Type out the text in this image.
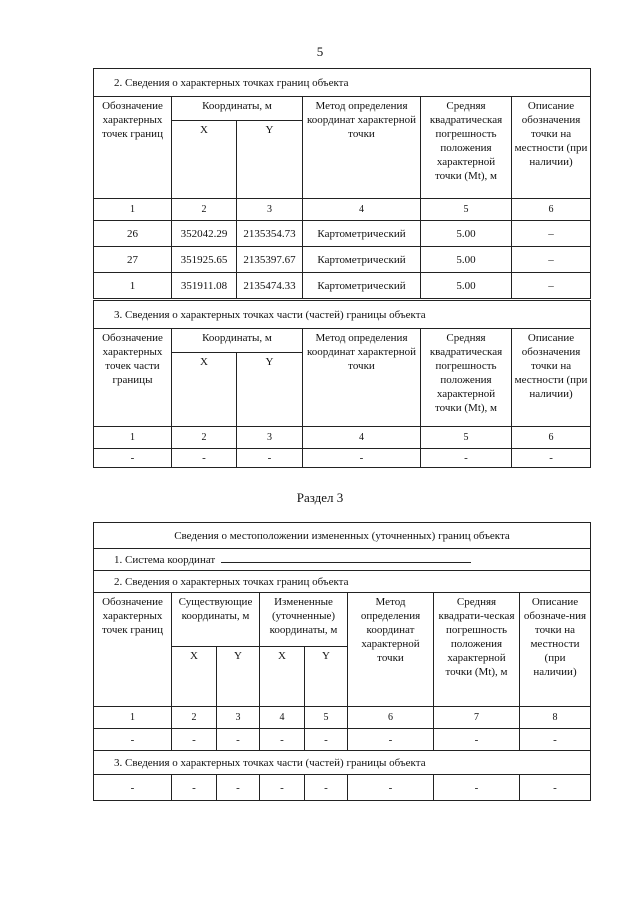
5
2. Сведения о характерных точках границ объекта					
Обозначение характерных точек границ	Координаты, м		Метод определения координат характерной точки	Средняя квадратическая погрешность положения характерной точки (Mt), м	Описание обозначения точки на местности (при наличии)
	X	Y			
1	2	3	4	5	6
26	352042.29	2135354.73	Картометрический	5.00	–
27	351925.65	2135397.67	Картометрический	5.00	–
1	351911.08	2135474.33	Картометрический	5.00	–
3. Сведения о характерных точках части (частей) границы объекта					
Обозначение характерных точек части границы	Координаты, м		Метод определения координат характерной точки	Средняя квадратическая погрешность положения характерной точки (Mt), м	Описание обозначения точки на местности (при наличии)
	X	Y			
1	2	3	4	5	6
-	-	-	-	-	-
Раздел 3
Сведения о местоположении измененных (уточненных) границ объекта							
1. Система координат							
2. Сведения о характерных точках границ объекта							
Обозначение характерных точек границ	Существующие координаты, м		Измененные (уточненные) координаты, м		Метод определения координат характерной точки	Средняя квадрати-ческая погрешность положения характерной точки (Mt), м	Описание обозначе-ния точки на местности (при наличии)
	X	Y	X	Y			
1	2	3	4	5	6	7	8
-	-	-	-	-	-	-	-
3. Сведения о характерных точках части (частей) границы объекта							
-	-	-	-	-	-	-	-
